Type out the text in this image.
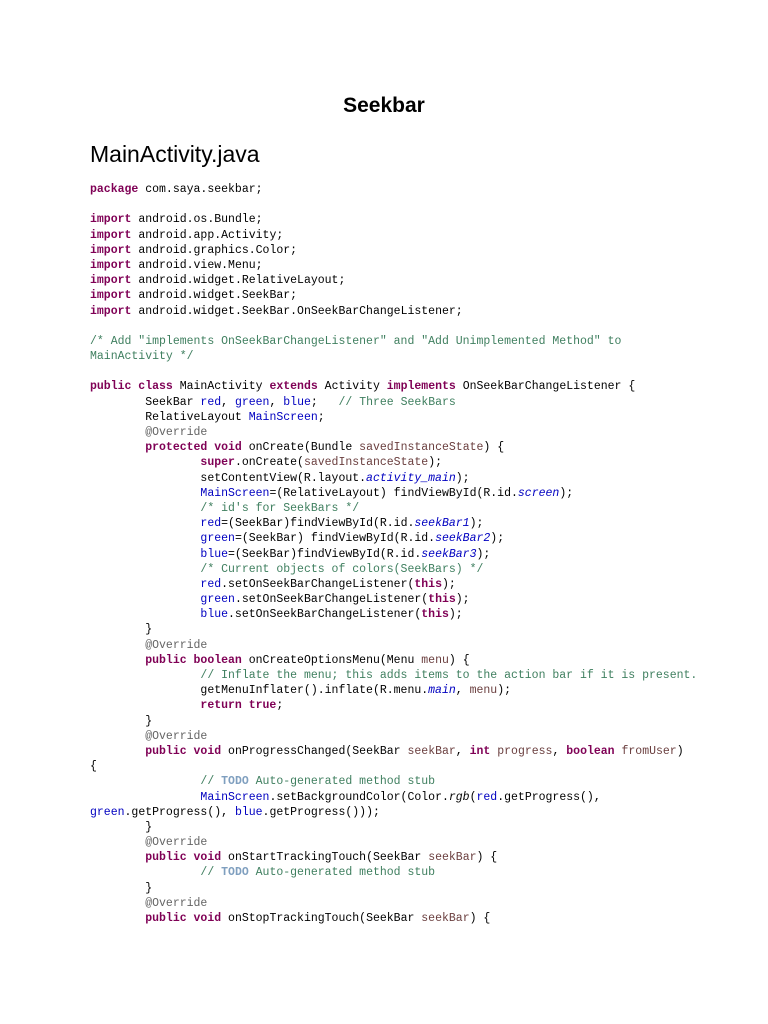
Seekbar
MainActivity.java
package com.saya.seekbar;

import android.os.Bundle;
import android.app.Activity;
import android.graphics.Color;
import android.view.Menu;
import android.widget.RelativeLayout;
import android.widget.SeekBar;
import android.widget.SeekBar.OnSeekBarChangeListener;

/* Add "implements OnSeekBarChangeListener" and "Add Unimplemented Method" to
MainActivity */

public class MainActivity extends Activity implements OnSeekBarChangeListener {
SeekBar red, green, blue;   // Three SeekBars
RelativeLayout MainScreen;
@Override
protected void onCreate(Bundle savedInstanceState) {
super.onCreate(savedInstanceState);
setContentView(R.layout.activity_main);
MainScreen=(RelativeLayout) findViewById(R.id.screen);
/* id's for SeekBars */
red=(SeekBar)findViewById(R.id.seekBar1);
green=(SeekBar) findViewById(R.id.seekBar2);
blue=(SeekBar)findViewById(R.id.seekBar3);
/* Current objects of colors(SeekBars) */
red.setOnSeekBarChangeListener(this);
green.setOnSeekBarChangeListener(this);
blue.setOnSeekBarChangeListener(this);
}
@Override
public boolean onCreateOptionsMenu(Menu menu) {
// Inflate the menu; this adds items to the action bar if it is present.
getMenuInflater().inflate(R.menu.main, menu);
return true;
}
@Override
public void onProgressChanged(SeekBar seekBar, int progress, boolean fromUser)
{
// TODO Auto-generated method stub
MainScreen.setBackgroundColor(Color.rgb(red.getProgress(),
green.getProgress(), blue.getProgress()));
}
@Override
public void onStartTrackingTouch(SeekBar seekBar) {
// TODO Auto-generated method stub
}
@Override
public void onStopTrackingTouch(SeekBar seekBar) {
